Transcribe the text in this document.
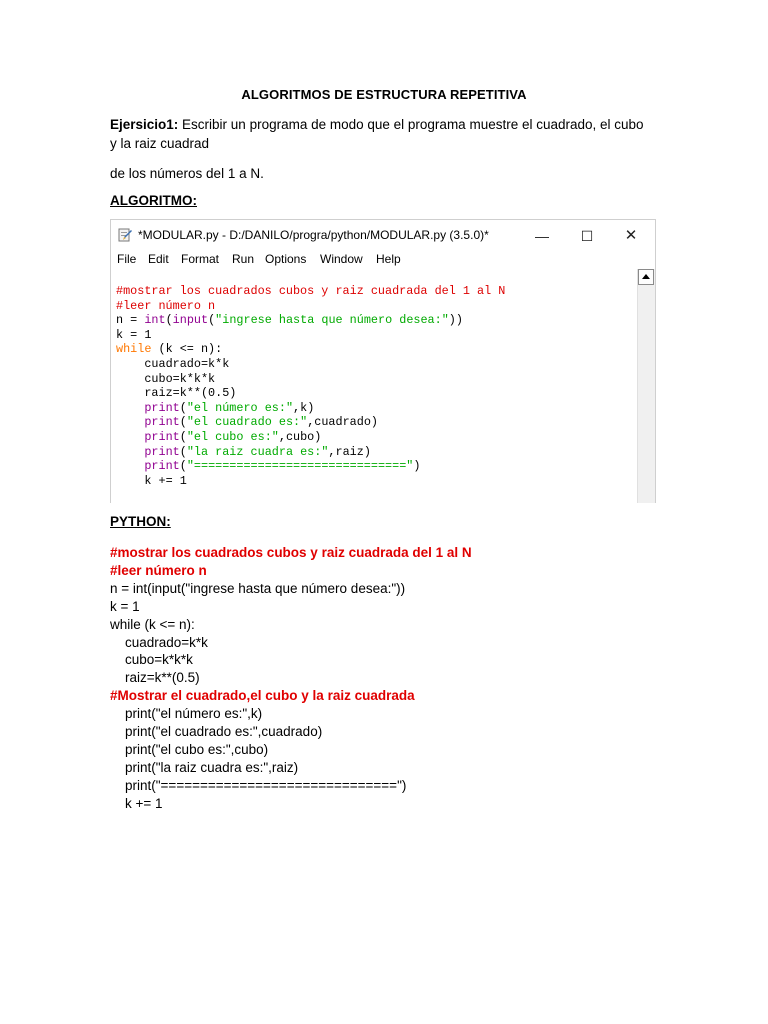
ALGORITMOS DE ESTRUCTURA REPETITIVA
Ejersicio1: Escribir un programa de modo que el programa muestre el cuadrado, el cubo y la raiz cuadrad
de los números del 1 a N.
ALGORITMO:
*MODULAR.py - D:/DANILO/progra/python/MODULAR.py (3.5.0)*	—	☐	✕
File Edit Format Run Options Window Help
#mostrar los cuadrados cubos y raiz cuadrada del 1 al N
#leer número n
n = int(input("ingrese hasta que número desea:"))
k = 1
while (k <= n):
cuadrado=k*k
cubo=k*k*k
raiz=k**(0.5)
print("el número es:",k)
print("el cuadrado es:",cuadrado)
print("el cubo es:",cubo)
print("la raiz cuadra es:",raiz)
print("==============================")
k += 1

PYTHON:
#mostrar los cuadrados cubos y raiz cuadrada del 1 al N
#leer número n
n = int(input("ingrese hasta que número desea:"))
k = 1
while (k <= n):
cuadrado=k*k
cubo=k*k*k
raiz=k**(0.5)
#Mostrar el cuadrado,el cubo y la raiz cuadrada
print("el número es:",k)
print("el cuadrado es:",cuadrado)
print("el cubo es:",cubo)
print("la raiz cuadra es:",raiz)
print("==============================")
k += 1
